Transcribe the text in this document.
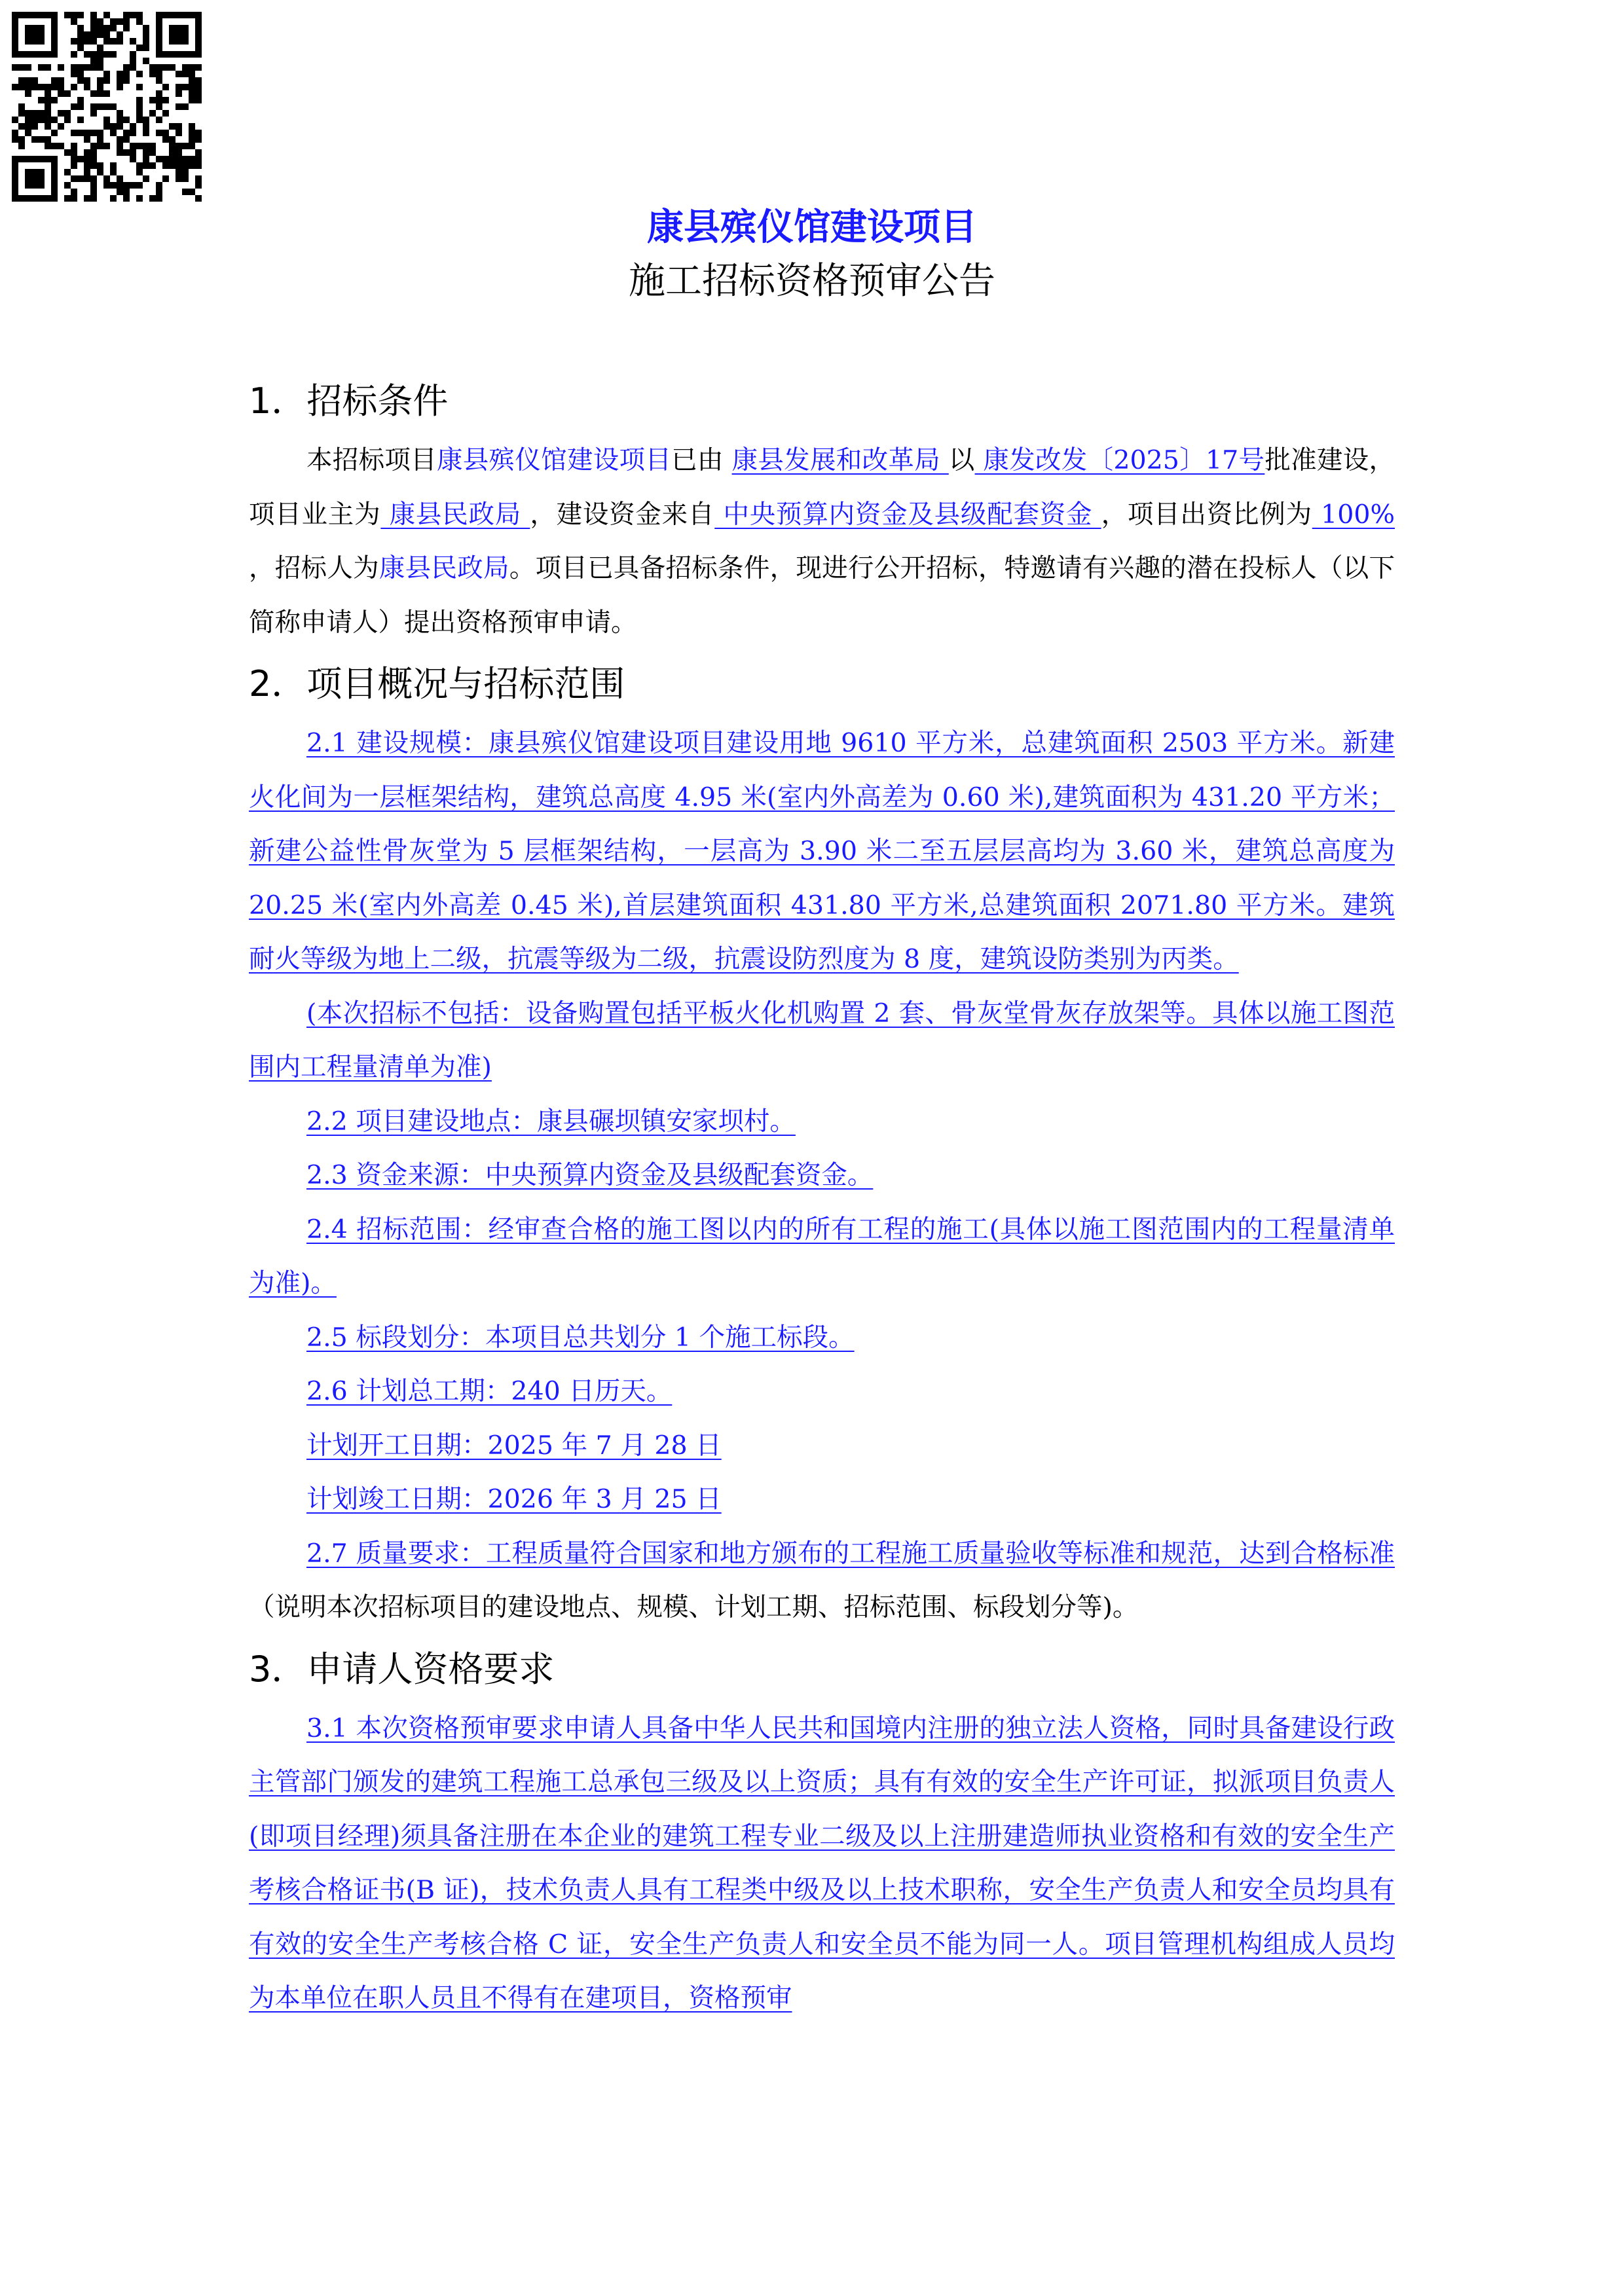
康县殡仪馆建设项目
施工招标资格预审公告
1．招标条件

本招标项目康县殡仪馆建设项目已由 康县发展和改革局 以 康发改发〔2025〕17号批准建设，项目业主为 康县民政局 ，建设资金来自 中央预算内资金及县级配套资金 ，项目出资比例为 100% ，招标人为康县民政局。项目已具备招标条件，现进行公开招标，特邀请有兴趣的潜在投标人（以下简称申请人）提出资格预审申请。

2．项目概况与招标范围

2.1 建设规模：康县殡仪馆建设项目建设用地 9610 平方米，总建筑面积 2503 平方米。新建火化间为一层框架结构，建筑总高度 4.95 米(室内外高差为 0.60 米),建筑面积为 431.20 平方米；新建公益性骨灰堂为 5 层框架结构，一层高为 3.90 米二至五层层高均为 3.60 米，建筑总高度为 20.25 米(室内外高差 0.45 米),首层建筑面积 431.80 平方米,总建筑面积 2071.80 平方米。建筑耐火等级为地上二级，抗震等级为二级，抗震设防烈度为 8 度，建筑设防类别为丙类。

(本次招标不包括：设备购置包括平板火化机购置 2 套、骨灰堂骨灰存放架等。具体以施工图范围内工程量清单为准)

2.2 项目建设地点：康县碾坝镇安家坝村。

2.3 资金来源：中央预算内资金及县级配套资金。

2.4 招标范围：经审查合格的施工图以内的所有工程的施工(具体以施工图范围内的工程量清单为准)。

2.5 标段划分：本项目总共划分 1 个施工标段。

2.6 计划总工期：240 日历天。

计划开工日期：2025 年 7 月 28 日

计划竣工日期：2026 年 3 月 25 日

2.7 质量要求：工程质量符合国家和地方颁布的工程施工质量验收等标准和规范，达到合格标准 （说明本次招标项目的建设地点、规模、计划工期、招标范围、标段划分等)。

3．申请人资格要求

3.1 本次资格预审要求申请人具备中华人民共和国境内注册的独立法人资格，同时具备建设行政主管部门颁发的建筑工程施工总承包三级及以上资质；具有有效的安全生产许可证，拟派项目负责人(即项目经理)须具备注册在本企业的建筑工程专业二级及以上注册建造师执业资格和有效的安全生产考核合格证书(B 证)，技术负责人具有工程类中级及以上技术职称，安全生产负责人和安全员均具有有效的安全生产考核合格 C 证，安全生产负责人和安全员不能为同一人。项目管理机构组成人员均为本单位在职人员且不得有在建项目，资格预审
